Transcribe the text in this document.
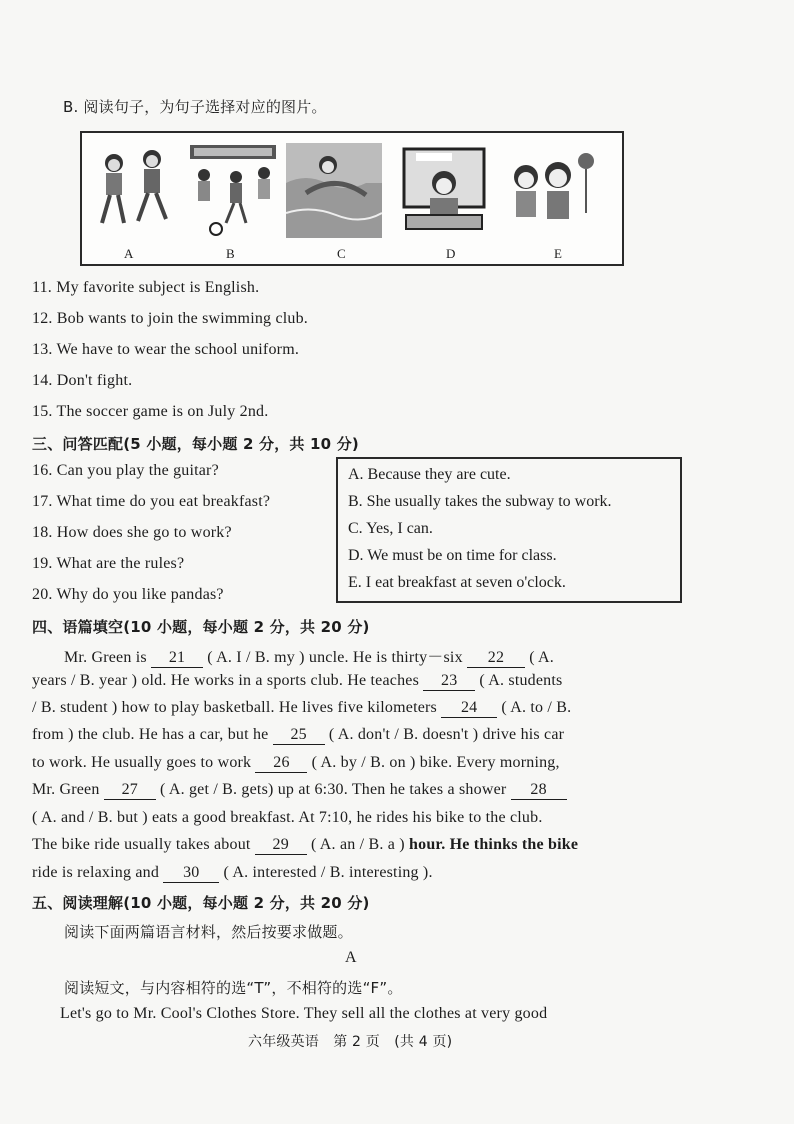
B. 阅读句子，为句子选择对应的图片。
A	B	C	D	E
11. My favorite subject is English.
12. Bob wants to join the swimming club.
13. We have to wear the school uniform.
14. Don't fight.
15. The soccer game is on July 2nd.
三、问答匹配(5 小题，每小题 2 分，共 10 分)
16. Can you play the guitar?
17. What time do you eat breakfast?
18. How does she go to work?
19. What are the rules?
20. Why do you like pandas?
A. Because they are cute.
B. She usually takes the subway to work.
C. Yes, I can.
D. We must be on time for class.
E. I eat breakfast at seven o'clock.
四、语篇填空(10 小题，每小题 2 分，共 20 分)
Mr. Green is 21 ( A. I / B. my ) uncle. He is thirty－six 22 ( A.
years / B. year ) old. He works in a sports club. He teaches 23 ( A. students
/ B. student ) how to play basketball. He lives five kilometers 24 ( A. to / B.
from ) the club. He has a car, but he 25 ( A. don't / B. doesn't ) drive his car
to work. He usually goes to work 26 ( A. by / B. on ) bike. Every morning,
Mr. Green 27 ( A. get / B. gets) up at 6:30. Then he takes a shower 28
( A. and / B. but ) eats a good breakfast. At 7:10, he rides his bike to the club.
The bike ride usually takes about 29 ( A. an / B. a ) hour. He thinks the bike
ride is relaxing and 30 ( A. interested / B. interesting ).
五、阅读理解(10 小题，每小题 2 分，共 20 分)
阅读下面两篇语言材料，然后按要求做题。
A
阅读短文，与内容相符的选“T”，不相符的选“F”。
Let's go to Mr. Cool's Clothes Store. They sell all the clothes at very good
六年级英语　第 2 页　(共 4 页)
